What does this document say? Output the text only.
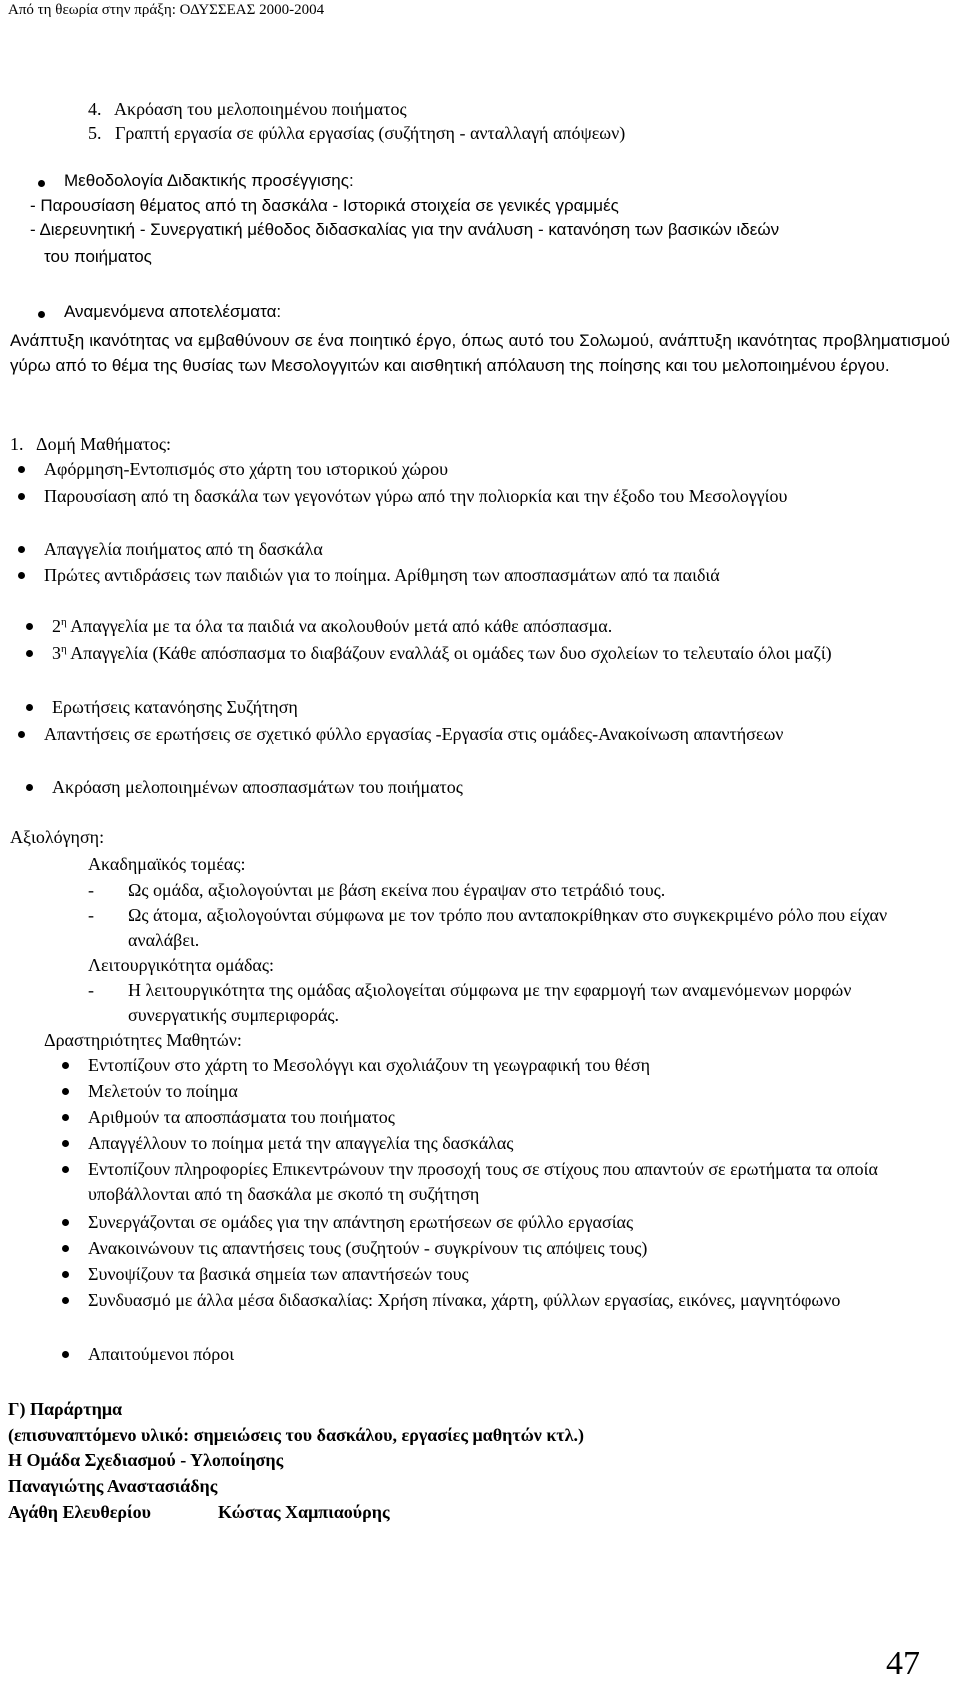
Από τη θεωρία στην πράξη: ΟΔΥΣΣΕΑΣ 2000-2004
4.   Ακρόαση του μελοποιημένου ποιήματος
5.   Γραπτή εργασία σε φύλλα εργασίας (συζήτηση - ανταλλαγή απόψεων)
Μεθοδολογία Διδακτικής προσέγγισης:
- Παρουσίαση θέματος από τη δασκάλα - Ιστορικά στοιχεία σε γενικές γραμμές
- Διερευνητική - Συνεργατική μέθοδος διδασκαλίας για την ανάλυση - κατανόηση των βασικών ιδεών
του ποιήματος
Αναμενόμενα αποτελέσματα:
Ανάπτυξη ικανότητας να εμβαθύνουν σε ένα ποιητικό έργο, όπως αυτό του Σολωμού, ανάπτυξη ικανότητας προβληματισμού γύρω από το θέμα της θυσίας των Μεσολογγιτών και αισθητική απόλαυση της ποίησης και του μελοποιημένου έργου.
1.   Δομή Μαθήματος:
Αφόρμηση-Εντοπισμός στο χάρτη του ιστορικού χώρου
Παρουσίαση από τη δασκάλα των γεγονότων γύρω από την πολιορκία και την έξοδο του Μεσολογγίου
Απαγγελία ποιήματος από τη δασκάλα
Πρώτες αντιδράσεις των παιδιών για το ποίημα. Αρίθμηση των αποσπασμάτων από τα παιδιά
$2^\eta$ Απαγγελία με τα όλα τα παιδιά να ακολουθούν μετά από κάθε απόσπασμα.
$3^\eta$ Απαγγελία (Κάθε απόσπασμα το διαβάζουν εναλλάξ οι ομάδες των δυο σχολείων το τελευταίο όλοι μαζί)
Ερωτήσεις κατανόησης Συζήτηση
Απαντήσεις σε ερωτήσεις σε σχετικό φύλλο εργασίας -Εργασία στις ομάδες-Ανακοίνωση απαντήσεων
Ακρόαση μελοποιημένων αποσπασμάτων του ποιήματος
Αξιολόγηση:
Ακαδημαϊκός τομέας:
- Ως ομάδα, αξιολογούνται με βάση εκείνα που έγραψαν στο τετράδιό τους.
- Ως άτομα, αξιολογούνται σύμφωνα με τον τρόπο που ανταποκρίθηκαν στο συγκεκριμένο ρόλο που είχαν αναλάβει.
Λειτουργικότητα ομάδας:
- Η λειτουργικότητα της ομάδας αξιολογείται σύμφωνα με την εφαρμογή των αναμενόμενων μορφών συνεργατικής συμπεριφοράς.
Δραστηριότητες Μαθητών:
Εντοπίζουν στο χάρτη το Μεσολόγγι και σχολιάζουν τη γεωγραφική του θέση
Μελετούν το ποίημα
Αριθμούν τα αποσπάσματα του ποιήματος
Απαγγέλλουν το ποίημα μετά την απαγγελία της δασκάλας
Εντοπίζουν πληροφορίες Επικεντρώνουν την προσοχή τους σε στίχους που απαντούν σε ερωτήματα τα οποία υποβάλλονται από τη δασκάλα με σκοπό τη συζήτηση
Συνεργάζονται σε ομάδες για την απάντηση ερωτήσεων σε φύλλο εργασίας
Ανακοινώνουν τις απαντήσεις τους (συζητούν - συγκρίνουν τις απόψεις τους)
Συνοψίζουν τα βασικά σημεία των απαντήσεών τους
Συνδυασμό με άλλα μέσα διδασκαλίας: Χρήση πίνακα, χάρτη, φύλλων εργασίας, εικόνες, μαγνητόφωνο
Απαιτούμενοι πόροι
Γ) Παράρτημα
(επισυναπτόμενο υλικό: σημειώσεις του δασκάλου, εργασίες μαθητών κτλ.)
Η Ομάδα Σχεδιασμού - Υλοποίησης
Παναγιώτης Αναστασιάδης
Αγάθη Ελευθερίου	Κώστας Χαμπιαούρης
47
